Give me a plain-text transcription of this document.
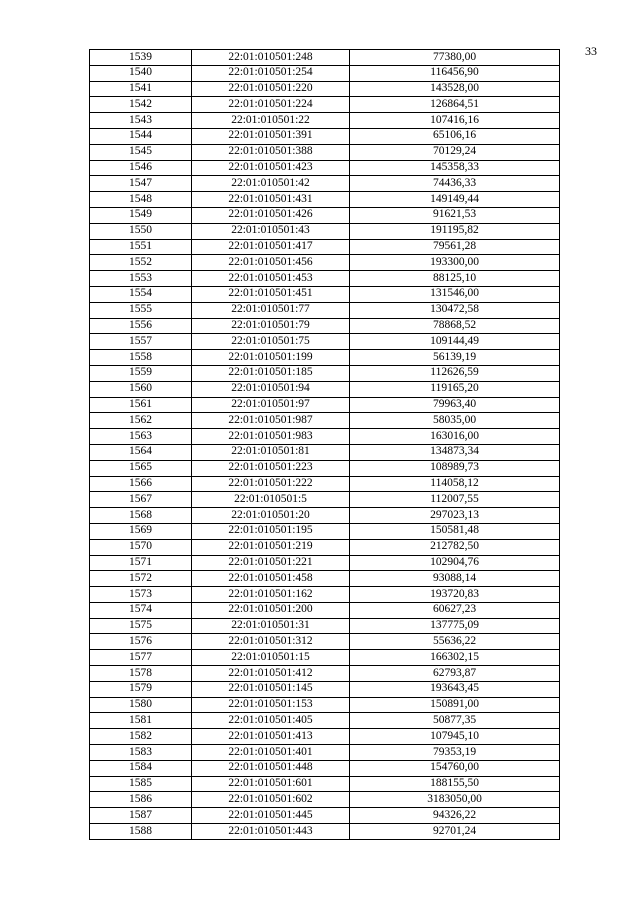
33
1539	22:01:010501:248	77380,00
1540	22:01:010501:254	116456,90
1541	22:01:010501:220	143528,00
1542	22:01:010501:224	126864,51
1543	22:01:010501:22	107416,16
1544	22:01:010501:391	65106,16
1545	22:01:010501:388	70129,24
1546	22:01:010501:423	145358,33
1547	22:01:010501:42	74436,33
1548	22:01:010501:431	149149,44
1549	22:01:010501:426	91621,53
1550	22:01:010501:43	191195,82
1551	22:01:010501:417	79561,28
1552	22:01:010501:456	193300,00
1553	22:01:010501:453	88125,10
1554	22:01:010501:451	131546,00
1555	22:01:010501:77	130472,58
1556	22:01:010501:79	78868,52
1557	22:01:010501:75	109144,49
1558	22:01:010501:199	56139,19
1559	22:01:010501:185	112626,59
1560	22:01:010501:94	119165,20
1561	22:01:010501:97	79963,40
1562	22:01:010501:987	58035,00
1563	22:01:010501:983	163016,00
1564	22:01:010501:81	134873,34
1565	22:01:010501:223	108989,73
1566	22:01:010501:222	114058,12
1567	22:01:010501:5	112007,55
1568	22:01:010501:20	297023,13
1569	22:01:010501:195	150581,48
1570	22:01:010501:219	212782,50
1571	22:01:010501:221	102904,76
1572	22:01:010501:458	93088,14
1573	22:01:010501:162	193720,83
1574	22:01:010501:200	60627,23
1575	22:01:010501:31	137775,09
1576	22:01:010501:312	55636,22
1577	22:01:010501:15	166302,15
1578	22:01:010501:412	62793,87
1579	22:01:010501:145	193643,45
1580	22:01:010501:153	150891,00
1581	22:01:010501:405	50877,35
1582	22:01:010501:413	107945,10
1583	22:01:010501:401	79353,19
1584	22:01:010501:448	154760,00
1585	22:01:010501:601	188155,50
1586	22:01:010501:602	3183050,00
1587	22:01:010501:445	94326,22
1588	22:01:010501:443	92701,24
